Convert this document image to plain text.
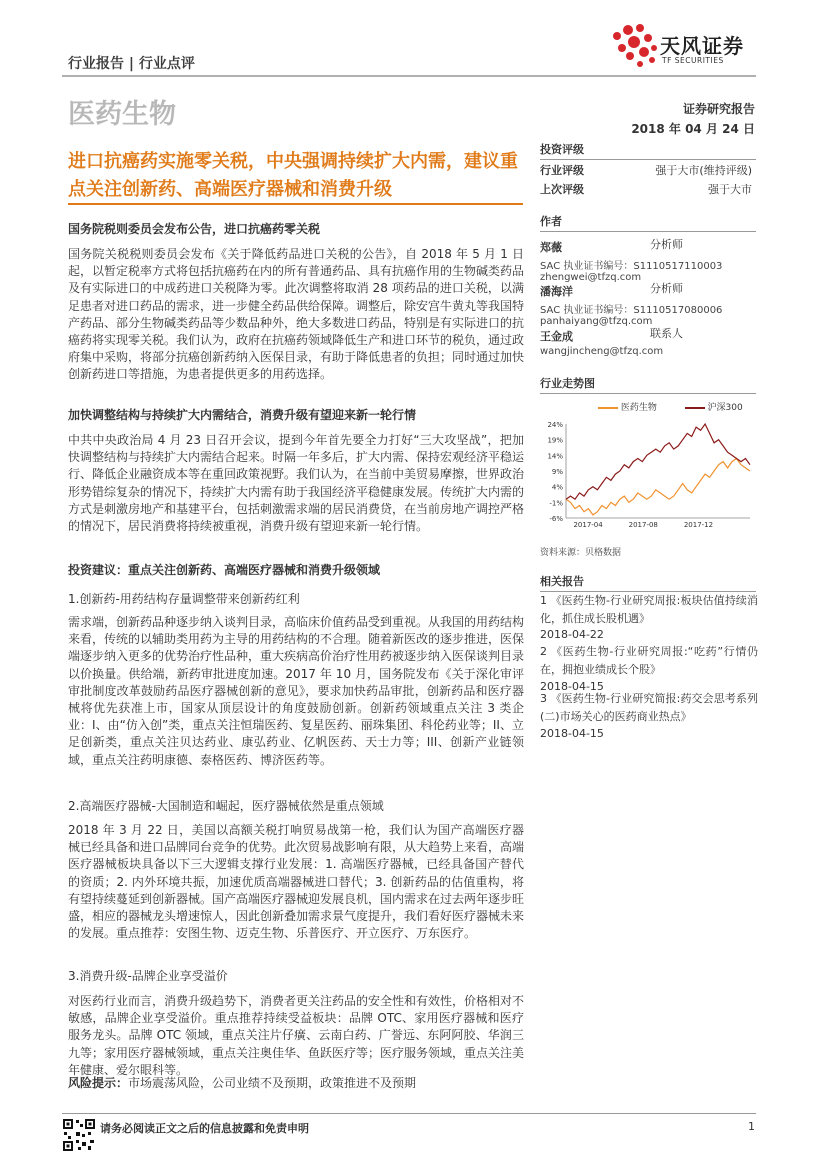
行业报告 | 行业点评
天风证券
TF SECURITIES
医药生物	证券研究报告
2018 年 04 月 24 日
进口抗癌药实施零关税，中央强调持续扩大内需，建议重点关注创新药、高端医疗器械和消费升级
国务院税则委员会发布公告，进口抗癌药零关税
国务院关税税则委员会发布《关于降低药品进口关税的公告》，自 2018 年 5 月 1 日起，以暂定税率方式将包括抗癌药在内的所有普通药品、具有抗癌作用的生物碱类药品及有实际进口的中成药进口关税降为零。此次调整将取消 28 项药品的进口关税，以满足患者对进口药品的需求，进一步健全药品供给保障。调整后，除安宫牛黄丸等我国特产药品、部分生物碱类药品等少数品种外，绝大多数进口药品，特别是有实际进口的抗癌药将实现零关税。我们认为，政府在抗癌药领域降低生产和进口环节的税负，通过政府集中采购，将部分抗癌创新药纳入医保目录，有助于降低患者的负担；同时通过加快创新药进口等措施，为患者提供更多的用药选择。
加快调整结构与持续扩大内需结合，消费升级有望迎来新一轮行情
中共中央政治局 4 月 23 日召开会议，提到今年首先要全力打好“三大攻坚战”，把加快调整结构与持续扩大内需结合起来。时隔一年多后，扩大内需、保持宏观经济平稳运行、降低企业融资成本等在重回政策视野。我们认为，在当前中美贸易摩擦，世界政治形势错综复杂的情况下，持续扩大内需有助于我国经济平稳健康发展。传统扩大内需的方式是刺激房地产和基建平台，包括刺激需求端的居民消费贷，在当前房地产调控严格的情况下，居民消费将持续被重视，消费升级有望迎来新一轮行情。
投资建议：重点关注创新药、高端医疗器械和消费升级领域
1.创新药-用药结构存量调整带来创新药红利
需求端，创新药品种逐步纳入谈判目录，高临床价值药品受到重视。从我国的用药结构来看，传统的以辅助类用药为主导的用药结构的不合理。随着新医改的逐步推进，医保端逐步纳入更多的优势治疗性品种，重大疾病高价治疗性用药被逐步纳入医保谈判目录以价换量。供给端，新药审批进度加速。2017 年 10 月，国务院发布《关于深化审评审批制度改革鼓励药品医疗器械创新的意见》，要求加快药品审批，创新药品和医疗器械将优先获准上市，国家从顶层设计的角度鼓励创新。创新药领域重点关注 3 类企业：I、由“仿入创”类，重点关注恒瑞医药、复星医药、丽珠集团、科伦药业等；II、立足创新类，重点关注贝达药业、康弘药业、亿帆医药、天士力等；III、创新产业链领域，重点关注药明康德、泰格医药、博济医药等。
2.高端医疗器械-大国制造和崛起，医疗器械依然是重点领域
2018 年 3 月 22 日，美国以高额关税打响贸易战第一枪，我们认为国产高端医疗器械已经具备和进口品牌同台竞争的优势。此次贸易战影响有限，从大趋势上来看，高端医疗器械板块具备以下三大逻辑支撑行业发展：1. 高端医疗器械，已经具备国产替代的资质；2. 内外环境共振，加速优质高端器械进口替代；3. 创新药品的估值重构，将有望持续蔓延到创新器械。国产高端医疗器械迎发展良机，国内需求在过去两年逐步旺盛，相应的器械龙头增速惊人，因此创新叠加需求景气度提升，我们看好医疗器械未来的发展。重点推荐：安图生物、迈克生物、乐普医疗、开立医疗、万东医疗。
3.消费升级-品牌企业享受溢价
对医药行业而言，消费升级趋势下，消费者更关注药品的安全性和有效性，价格相对不敏感，品牌企业享受溢价。重点推荐持续受益板块：品牌 OTC、家用医疗器械和医疗服务龙头。品牌 OTC 领域，重点关注片仔癀、云南白药、广誉远、东阿阿胶、华润三九等；家用医疗器械领域，重点关注奥佳华、鱼跃医疗等；医疗服务领域，重点关注美年健康、爱尔眼科等。
风险提示：市场震荡风险，公司业绩不及预期，政策推进不及预期
投资评级
行业评级	强于大市(维持评级)
上次评级	强于大市
作者
郑薇	分析师
SAC 执业证书编号：S1110517110003
zhengwei@tfzq.com
潘海洋	分析师
SAC 执业证书编号：S1110517080006
panhaiyang@tfzq.com
王金成	联系人
wangjincheng@tfzq.com
行业走势图
医药生物	沪深300
24%
19%
14%
9%
4%
-1%
-6%
2017-04	2017-08	2017-12
资料来源：贝格数据
相关报告
1 《医药生物-行业研究周报:板块估值持续消化，抓住成长股机遇》
2018-04-22
2 《医药生物-行业研究周报:“吃药”行情仍在，拥抱业绩成长个股》
2018-04-15
3 《医药生物-行业研究简报:药交会思考系列(二)市场关心的医药商业热点》
2018-04-15
请务必阅读正文之后的信息披露和免责申明	1
